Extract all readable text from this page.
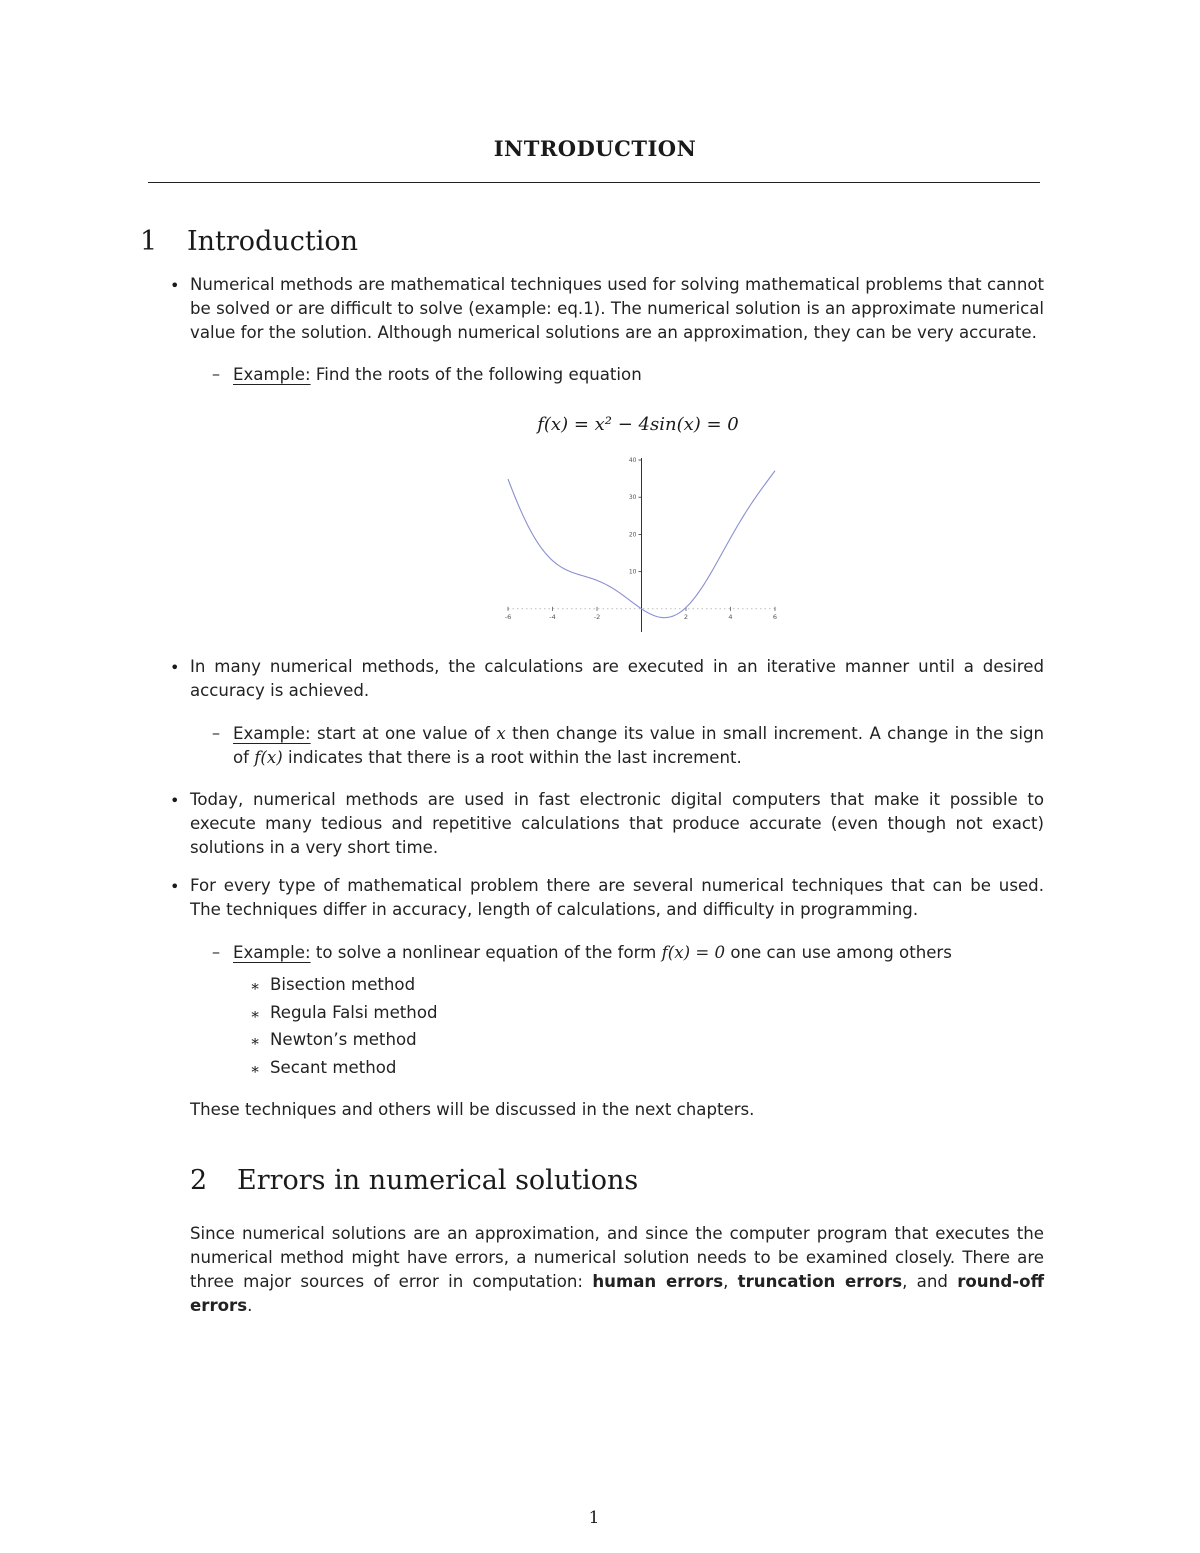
INTRODUCTION
1 Introduction
• Numerical methods are mathematical techniques used for solving mathematical problems that cannot be solved or are difficult to solve (example: eq.1). The numerical solution is an approximate numerical value for the solution. Although numerical solutions are an approximation, they can be very accurate.
– Example: Find the roots of the following equation
f(x) = x² − 4sin(x) = 0
10
20
30
40
-6	-4	-2	2	4	6
• In many numerical methods, the calculations are executed in an iterative manner until a desired accuracy is achieved.
– Example: start at one value of x then change its value in small increment. A change in the sign of f(x) indicates that there is a root within the last increment.
• Today, numerical methods are used in fast electronic digital computers that make it possible to execute many tedious and repetitive calculations that produce accurate (even though not exact) solutions in a very short time.
• For every type of mathematical problem there are several numerical techniques that can be used. The techniques differ in accuracy, length of calculations, and difficulty in programming.
– Example: to solve a nonlinear equation of the form f(x) = 0 one can use among others
∗ Bisection method
∗ Regula Falsi method
∗ Newton’s method
∗ Secant method
These techniques and others will be discussed in the next chapters.
2 Errors in numerical solutions
Since numerical solutions are an approximation, and since the computer program that executes the numerical method might have errors, a numerical solution needs to be examined closely. There are three major sources of error in computation: human errors, truncation errors, and round-off errors.
1
